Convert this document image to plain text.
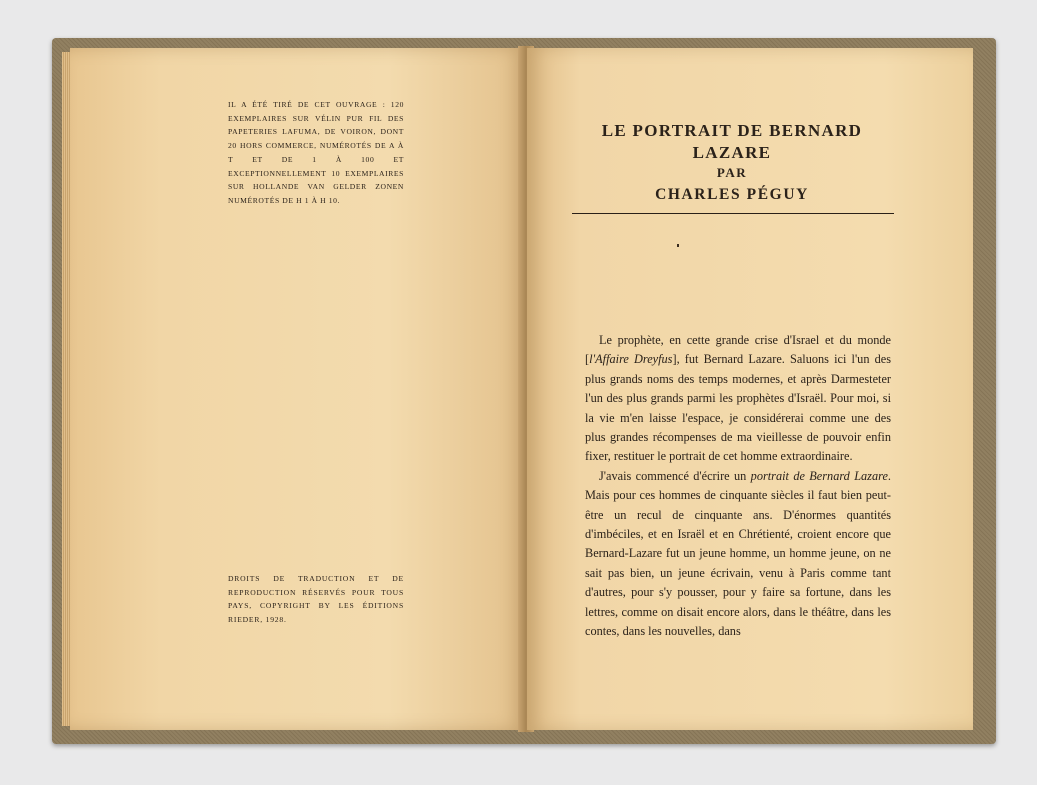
IL A ÉTÉ TIRÉ DE CET OUVRAGE : 120 EXEMPLAIRES SUR VÉLIN PUR FIL DES PAPETERIES LAFUMA, DE VOIRON, DONT 20 HORS COMMERCE, NUMÉROTÉS DE A À T ET DE 1 À 100 ET EXCEPTIONNELLEMENT 10 EXEMPLAIRES SUR HOLLANDE VAN GELDER ZONEN NUMÉROTÉS DE H 1 À H 10.
DROITS DE TRADUCTION ET DE REPRODUCTION RÉSERVÉS POUR TOUS PAYS, COPYRIGHT BY LES ÉDITIONS RIEDER, 1928.

LE PORTRAIT DE BERNARD LAZARE

PAR

CHARLES PÉGUY

Le prophète, en cette grande crise d'Israel et du monde [l'Affaire Dreyfus], fut Bernard Lazare. Saluons ici l'un des plus grands noms des temps modernes, et après Darmesteter l'un des plus grands parmi les prophètes d'Israël. Pour moi, si la vie m'en laisse l'espace, je considérerai comme une des plus grandes récompenses de ma vieillesse de pouvoir enfin fixer, restituer le portrait de cet homme extraordinaire.

J'avais commencé d'écrire un portrait de Bernard Lazare. Mais pour ces hommes de cinquante siècles il faut bien peut-être un recul de cinquante ans. D'énormes quantités d'imbéciles, et en Israël et en Chrétienté, croient encore que Bernard-Lazare fut un jeune homme, un homme jeune, on ne sait pas bien, un jeune écrivain, venu à Paris comme tant d'autres, pour s'y pousser, pour y faire sa fortune, dans les lettres, comme on disait encore alors, dans le théâtre, dans les contes, dans les nouvelles, dans
